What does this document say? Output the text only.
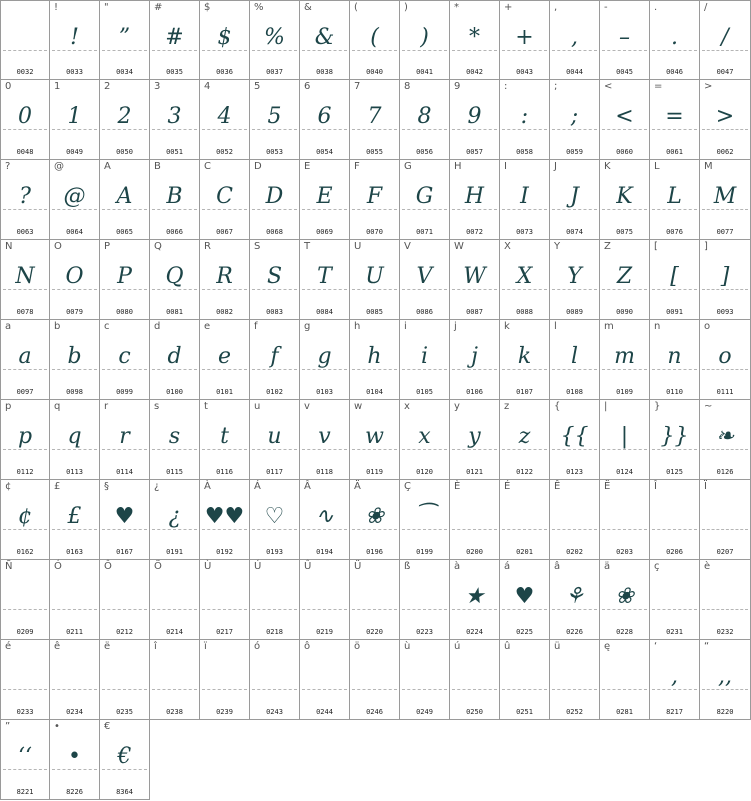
0032
!
!
0033
"
”
0034
#
#
0035
$
$
0036
%
%
0037
&
&
0038
(
(
0040
)
)
0041
*
*
0042
+
+
0043
,
,
0044
-
–
0045
.
.
0046
/
/
0047
0
0
0048
1
1
0049
2
2
0050
3
3
0051
4
4
0052
5
5
0053
6
6
0054
7
7
0055
8
8
0056
9
9
0057
:
:
0058
;
;
0059
<
<
0060
=
=
0061
>
>
0062
?
?
0063
@
@
0064
A
A
0065
B
B
0066
C
C
0067
D
D
0068
E
E
0069
F
F
0070
G
G
0071
H
H
0072
I
I
0073
J
J
0074
K
K
0075
L
L
0076
M
M
0077
N
N
0078
O
O
0079
P
P
0080
Q
Q
0081
R
R
0082
S
S
0083
T
T
0084
U
U
0085
V
V
0086
W
W
0087
X
X
0088
Y
Y
0089
Z
Z
0090
[
[
0091
]
]
0093
a
a
0097
b
b
0098
c
c
0099
d
d
0100
e
e
0101
f
f
0102
g
g
0103
h
h
0104
i
i
0105
j
j
0106
k
k
0107
l
l
0108
m
m
0109
n
n
0110
o
o
0111
p
p
0112
q
q
0113
r
r
0114
s
s
0115
t
t
0116
u
u
0117
v
v
0118
w
w
0119
x
x
0120
y
y
0121
z
z
0122
{
{{
0123
|
|
0124
}
}}
0125
~
❧
0126
¢
¢
0162
£
£
0163
§
♥
0167
¿
¿
0191
À
♥♥
0192
Á
♡
0193
Â
∿
0194
Ä
❀
0196
Ç
⁀
0199
È
0200
É
0201
Ê
0202
Ë
0203
Î
0206
Ï
0207
Ñ
0209
Ó
0211
Ô
0212
Ö
0214
Ù
0217
Ú
0218
Û
0219
Ü
0220
ß
0223
à
★
0224
á
♥
0225
â
⚘
0226
ä
❀
0228
ç
0231
è
0232
é
0233
ê
0234
ë
0235
î
0238
ï
0239
ó
0243
ô
0244
ö
0246
ù
0249
ú
0250
û
0251
ü
0252
ę
0281
‘
,
8217
“
,,
8220
”
‘‘
8221
•
•
8226
€
€
8364
